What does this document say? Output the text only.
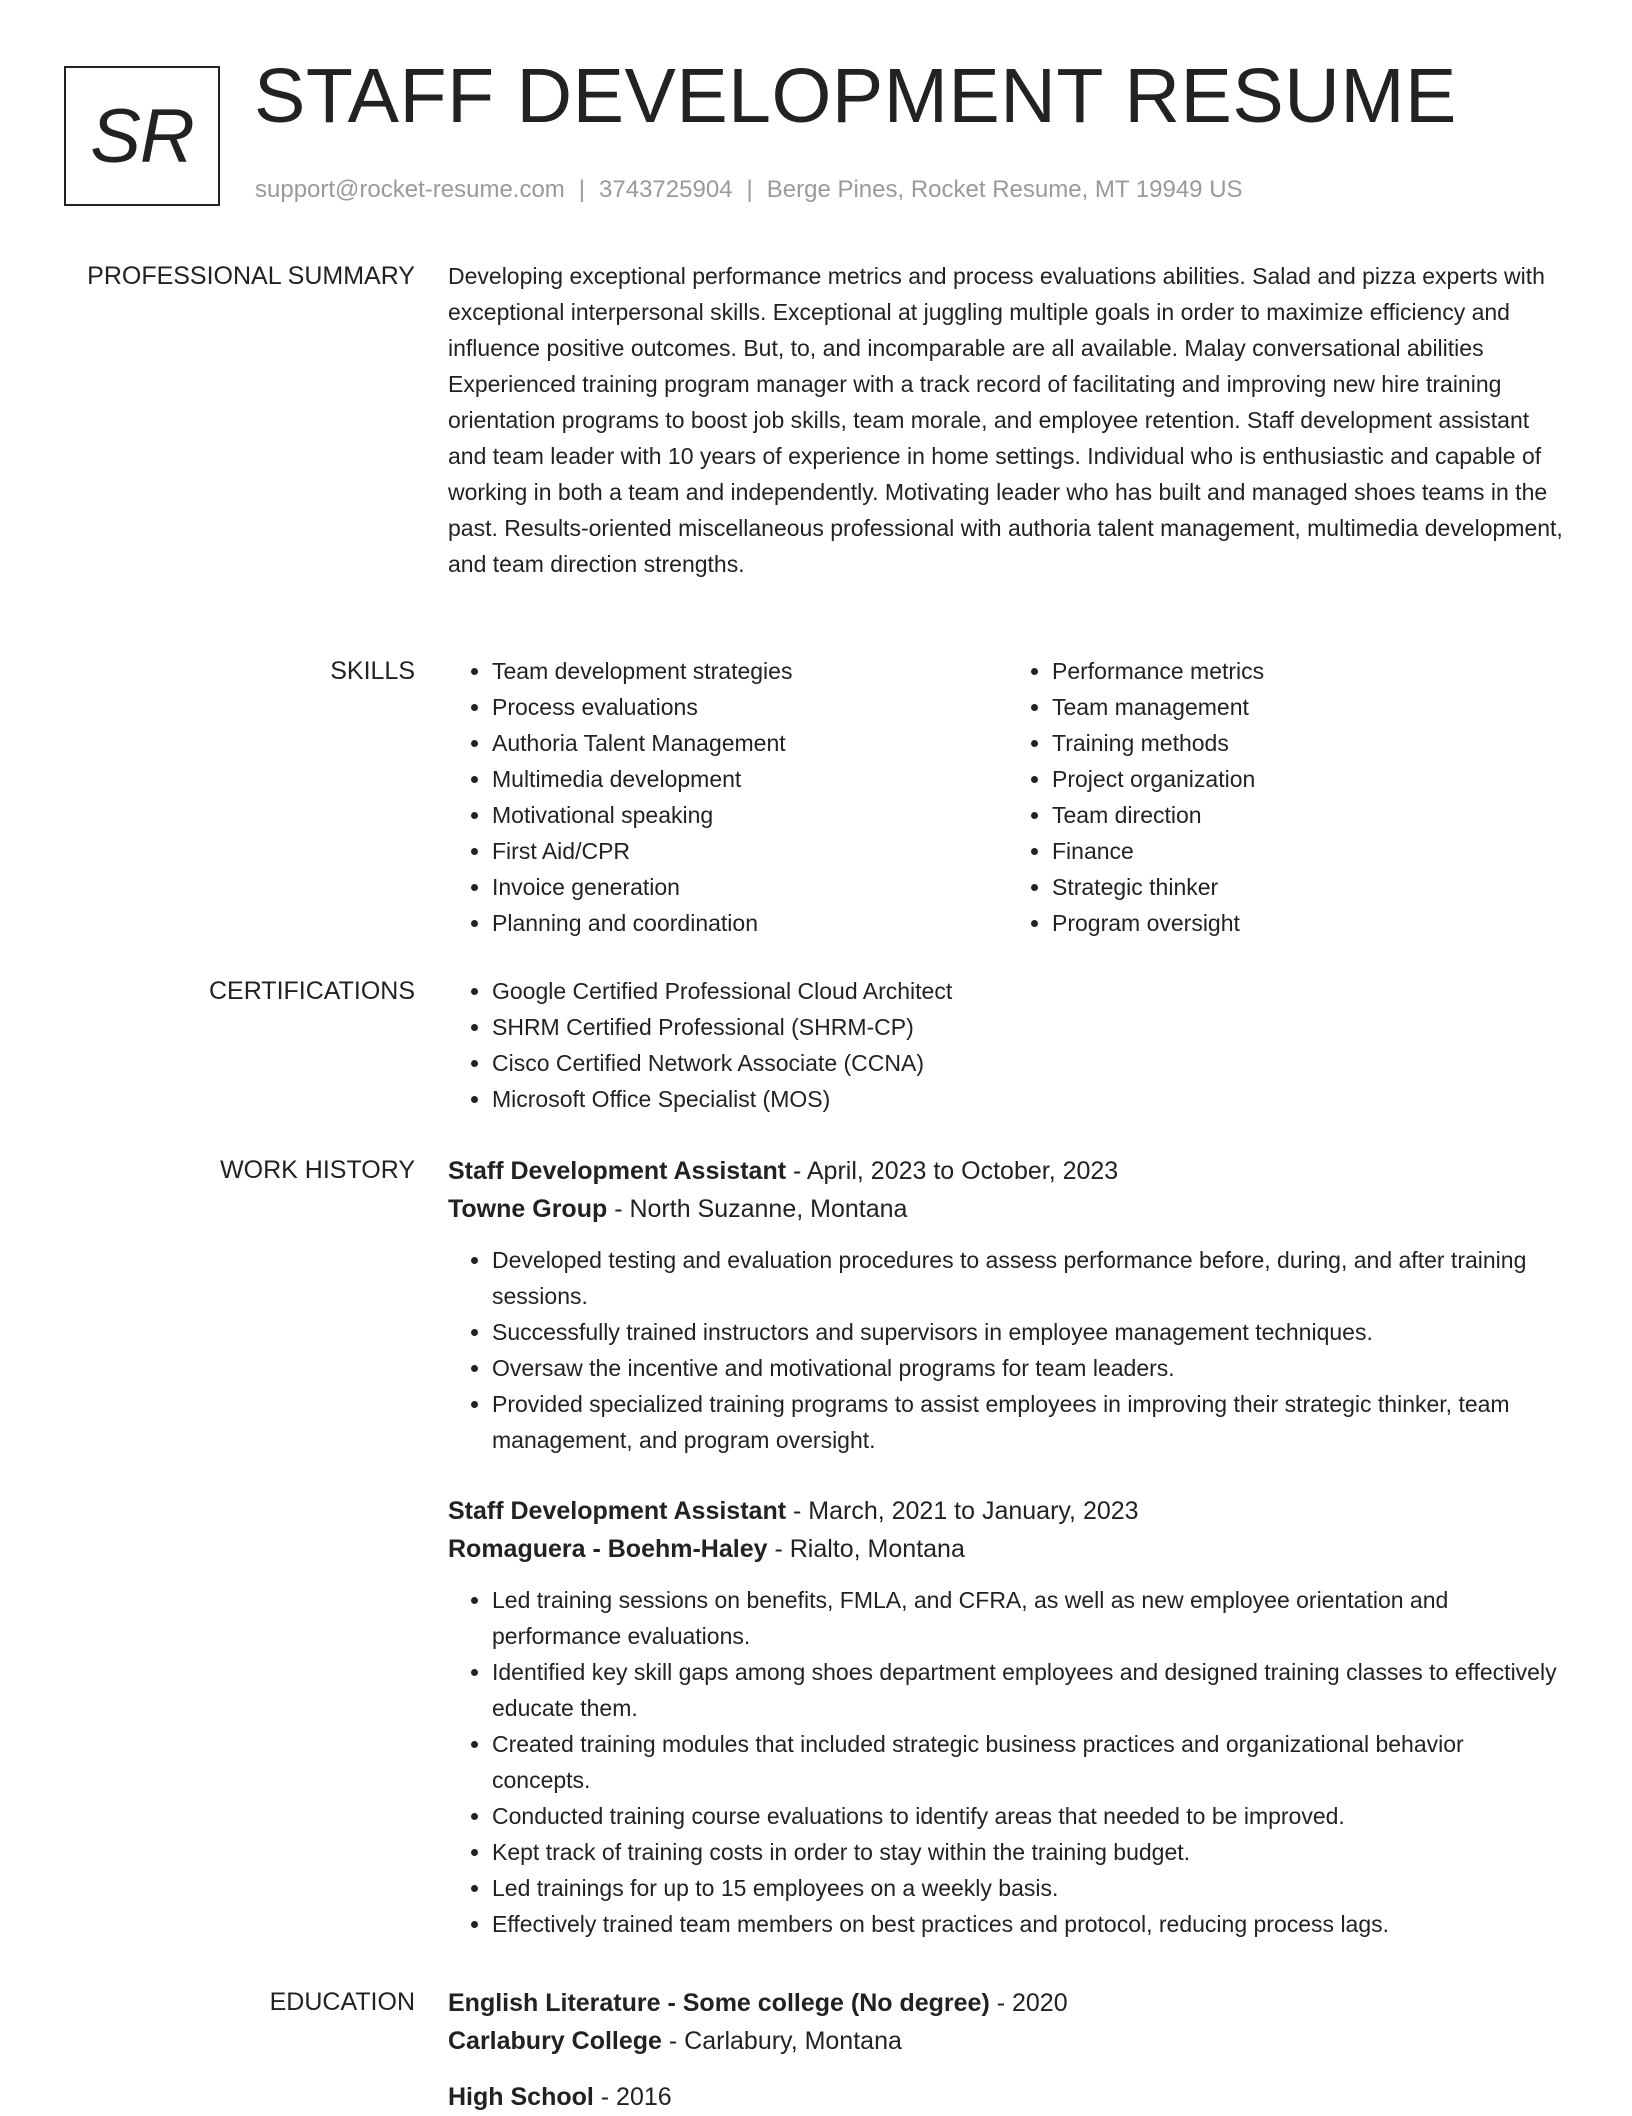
SR STAFF DEVELOPMENT RESUME
support@rocket-resume.com | 3743725904 | Berge Pines, Rocket Resume, MT 19949 US
PROFESSIONAL SUMMARY Developing exceptional performance metrics and process evaluations abilities. Salad and pizza experts with exceptional interpersonal skills. Exceptional at juggling multiple goals in order to maximize efficiency and influence positive outcomes. But, to, and incomparable are all available. Malay conversational abilities Experienced training program manager with a track record of facilitating and improving new hire training orientation programs to boost job skills, team morale, and employee retention. Staff development assistant and team leader with 10 years of experience in home settings. Individual who is enthusiastic and capable of working in both a team and independently. Motivating leader who has built and managed shoes teams in the past. Results-oriented miscellaneous professional with authoria talent management, multimedia development, and team direction strengths.

SKILLS	• Team development strategies
• Process evaluations
• Authoria Talent Management
• Multimedia development
• Motivational speaking
• First Aid/CPR
• Invoice generation
• Planning and coordination
• Performance metrics
• Team management
• Training methods
• Project organization
• Team direction
• Finance
• Strategic thinker
• Program oversight
CERTIFICATIONS	• Google Certified Professional Cloud Architect
• SHRM Certified Professional (SHRM-CP)
• Cisco Certified Network Associate (CCNA)
• Microsoft Office Specialist (MOS)
WORK HISTORY Staff Development Assistant - April, 2023 to October, 2023
Towne Group - North Suzanne, Montana
• Developed testing and evaluation procedures to assess performance before, during, and after training sessions.
• Successfully trained instructors and supervisors in employee management techniques.
• Oversaw the incentive and motivational programs for team leaders.
• Provided specialized training programs to assist employees in improving their strategic thinker, team management, and program oversight.
Staff Development Assistant - March, 2021 to January, 2023
Romaguera - Boehm-Haley - Rialto, Montana
• Led training sessions on benefits, FMLA, and CFRA, as well as new employee orientation and performance evaluations.
• Identified key skill gaps among shoes department employees and designed training classes to effectively educate them.
• Created training modules that included strategic business practices and organizational behavior concepts.
• Conducted training course evaluations to identify areas that needed to be improved.
• Kept track of training costs in order to stay within the training budget.
• Led trainings for up to 15 employees on a weekly basis.
• Effectively trained team members on best practices and protocol, reducing process lags.
EDUCATION English Literature - Some college (No degree) - 2020
Carlabury College - Carlabury, Montana
High School - 2016
